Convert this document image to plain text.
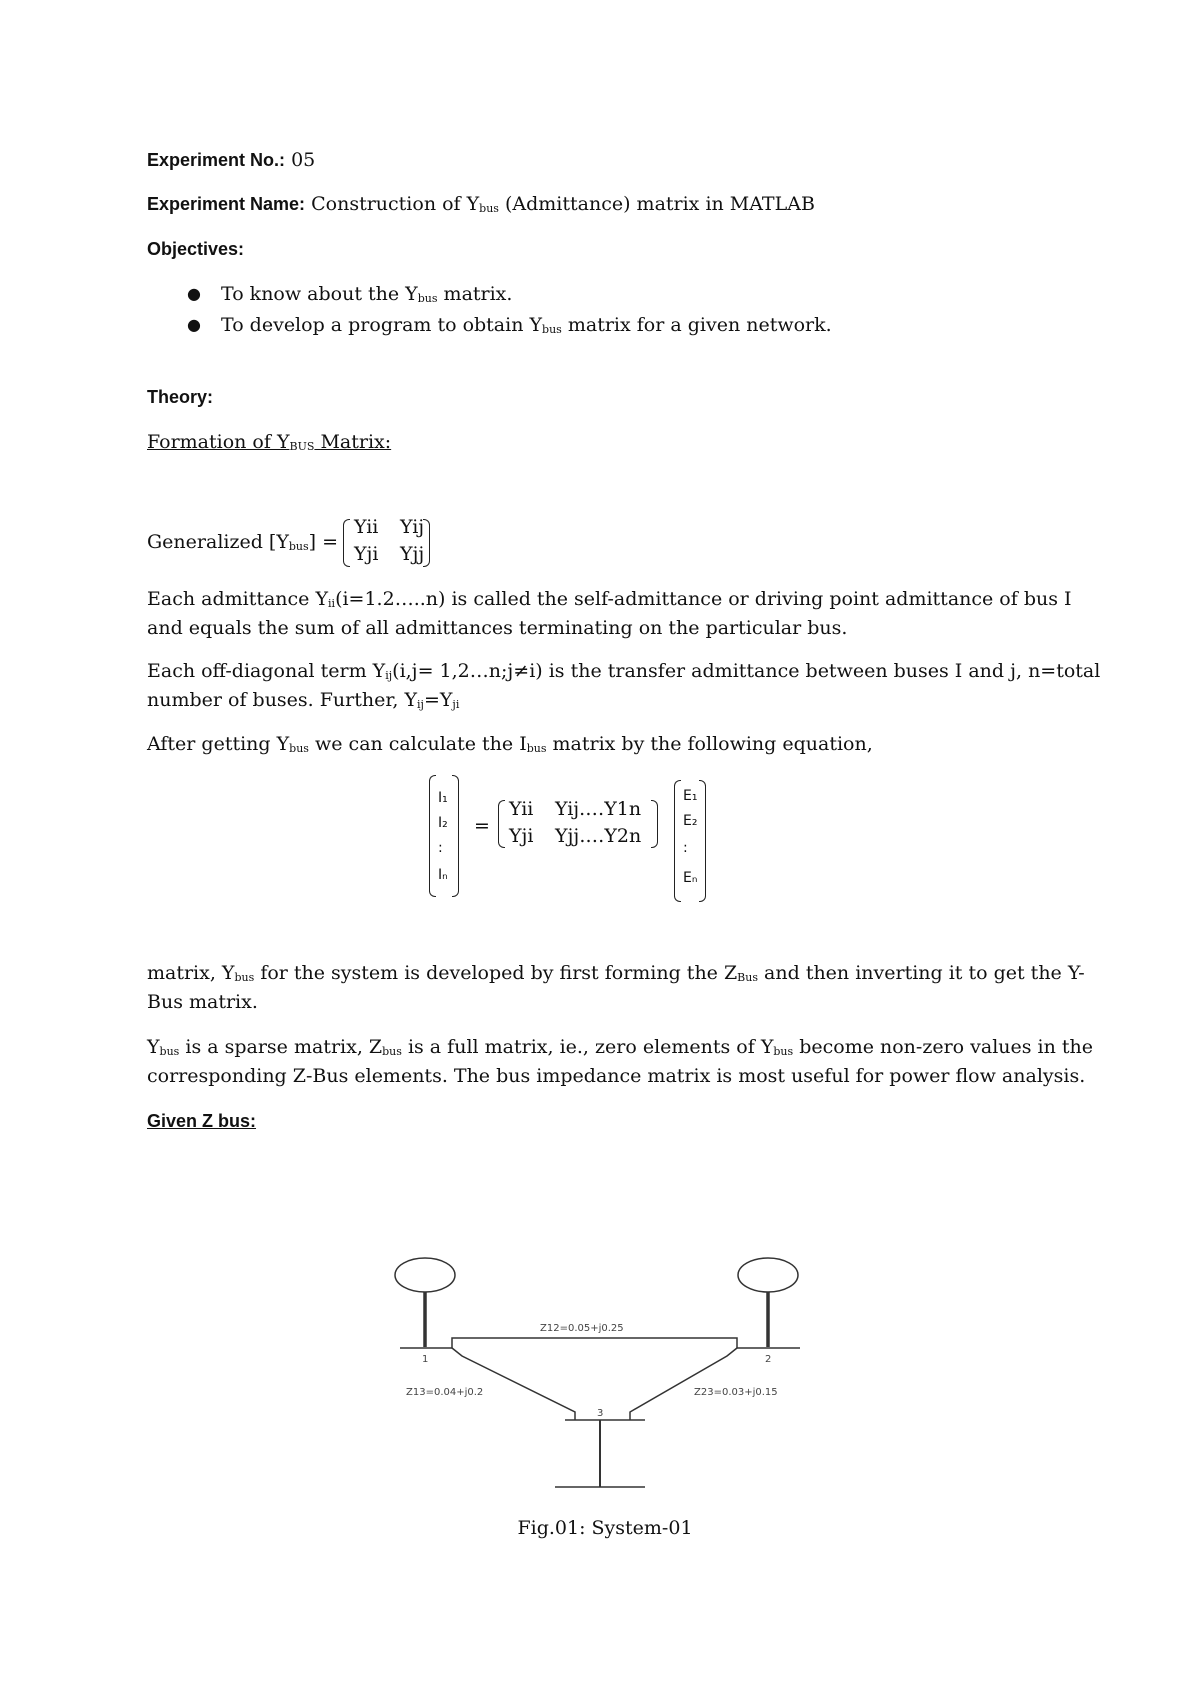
Experiment No.: 05
Experiment Name: Construction of $Y_{bus}$ (Admittance) matrix in MATLAB
Objectives:
● To know about the $Y_{bus}$ matrix.
● To develop a program to obtain $Y_{bus}$ matrix for a given network.
Theory:
Formation of $Y_{BUS}$ Matrix:
Generalized $[Y_{bus}]$ =
Yii Yij
Yji Yjj
Each admittance $Y_{ii}(i=1.2\dots..n)$ is called the self-admittance or driving point admittance of bus I
and equals the sum of all admittances terminating on the particular bus.
Each off-diagonal term $Y_{ij}(i,j=$ 1,2…n;j≠i) is the transfer admittance between buses I and j, n=total
number of buses. Further, $Y_{ij}=Y_{ji}$
After getting $Y_{bus}$ we can calculate the $I_{bus}$ matrix by the following equation,
I₁
I₂
:
Iₙ
=
Yii Yij.…Y1n
Yji Yjj.…Y2n
E₁
E₂
:
Eₙ
matrix, $Y_{bus}$ for the system is developed by first forming the $Z_{Bus}$ and then inverting it to get the Y-
Bus matrix.
$Y_{bus}$ is a sparse matrix, $Z_{bus}$ is a full matrix, ie., zero elements of $Y_{bus}$ become non-zero values in the
corresponding Z-Bus elements. The bus impedance matrix is most useful for power flow analysis.
Given Z bus:
1	2
3
Z12=0.05+j0.25
Z13=0.04+j0.2	Z23=0.03+j0.15
Fig.01: System-01
